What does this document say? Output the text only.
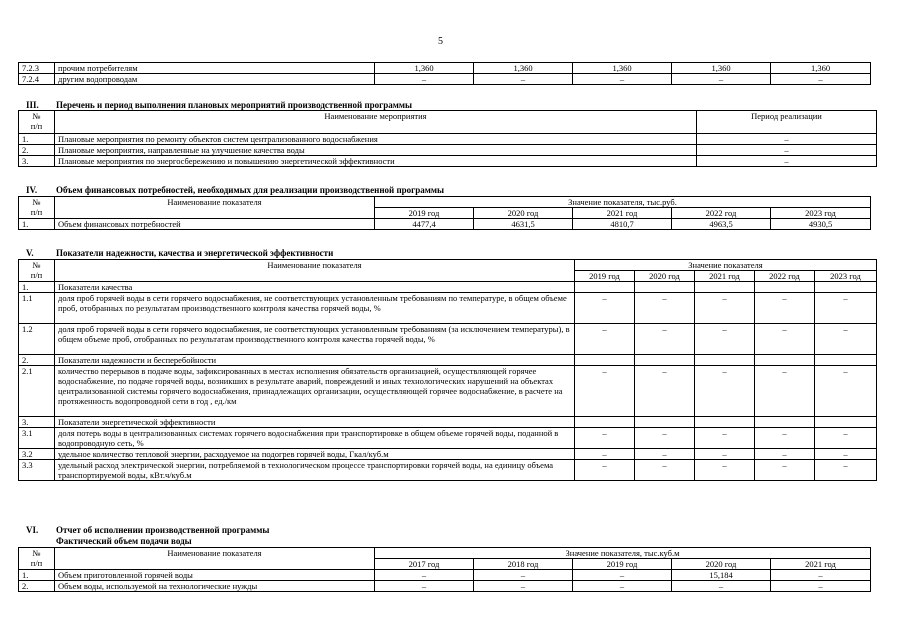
5
7.2.3	прочим потребителям	1,360	1,360	1,360	1,360	1,360
7.2.4	другим водопроводам	–	–	–	–	–
III. Перечень и период выполнения плановых мероприятий производственной программы
№
п/п	Наименование мероприятия	Период реализации
1.	Плановые мероприятия по ремонту объектов систем централизованного водоснабжения	–
2.	Плановые мероприятия, направленные на улучшение качества воды	–
3.	Плановые мероприятия по энергосбережению и повышению энергетической эффективности	–
IV. Объем финансовых потребностей, необходимых для реализации производственной программы
№
п/п	Наименование показателя	Значение показателя, тыс.руб.				
		2019 год	2020 год	2021 год	2022 год	2023 год
1.	Объем финансовых потребностей	4477,4	4631,5	4810,7	4963,5	4930,5
V. Показатели надежности, качества и энергетической эффективности
№
п/п	Наименование показателя	Значение показателя				
		2019 год	2020 год	2021 год	2022 год	2023 год
1.	Показатели качества					
1.1	доля проб горячей воды в сети горячего водоснабжения, не соответствующих установленным требованиям по температуре, в общем объеме проб, отобранных по результатам производственного контроля качества горячей воды, %	–	–	–	–	–
1.2	доля проб горячей воды в сети горячего водоснабжения, не соответствующих установленным требованиям (за исключением температуры), в общем объеме проб, отобранных по результатам производственного контроля качества горячей воды, %	–	–	–	–	–
2.	Показатели надежности и бесперебойности					
2.1	количество перерывов в подаче воды, зафиксированных в местах исполнения обязательств организацией, осуществляющей горячее водоснабжение, по подаче горячей воды, возникших в результате аварий, повреждений и иных технологических нарушений на объектах централизованной системы горячего водоснабжения, принадлежащих организации, осуществляющей горячее водоснабжение, в расчете на протяженность водопроводной сети в год , ед./км	–	–	–	–	–
3.	Показатели энергетической эффективности					
3.1	доля потерь воды в централизованных системах горячего водоснабжения при транспортировке в общем объеме горячей воды, поданной в водопроводную сеть, %	–	–	–	–	–
3.2	удельное количество тепловой энергии, расходуемое на подогрев горячей воды, Гкал/куб.м	–	–	–	–	–
3.3	удельный расход электрической энергии, потребляемой в технологическом процессе транспортировки горячей воды, на единицу объема транспортируемой воды, кВт.ч/куб.м	–	–	–	–	–
VI. Отчет об исполнении производственной программы
Фактический объем подачи воды
№
п/п	Наименование показателя	Значение показателя, тыс.куб.м				
		2017 год	2018 год	2019 год	2020 год	2021 год
1.	Объем приготовленной горячей воды	–	–	–	15,184	–
2.	Объем воды, используемой на технологические нужды	–	–	–	–	–
